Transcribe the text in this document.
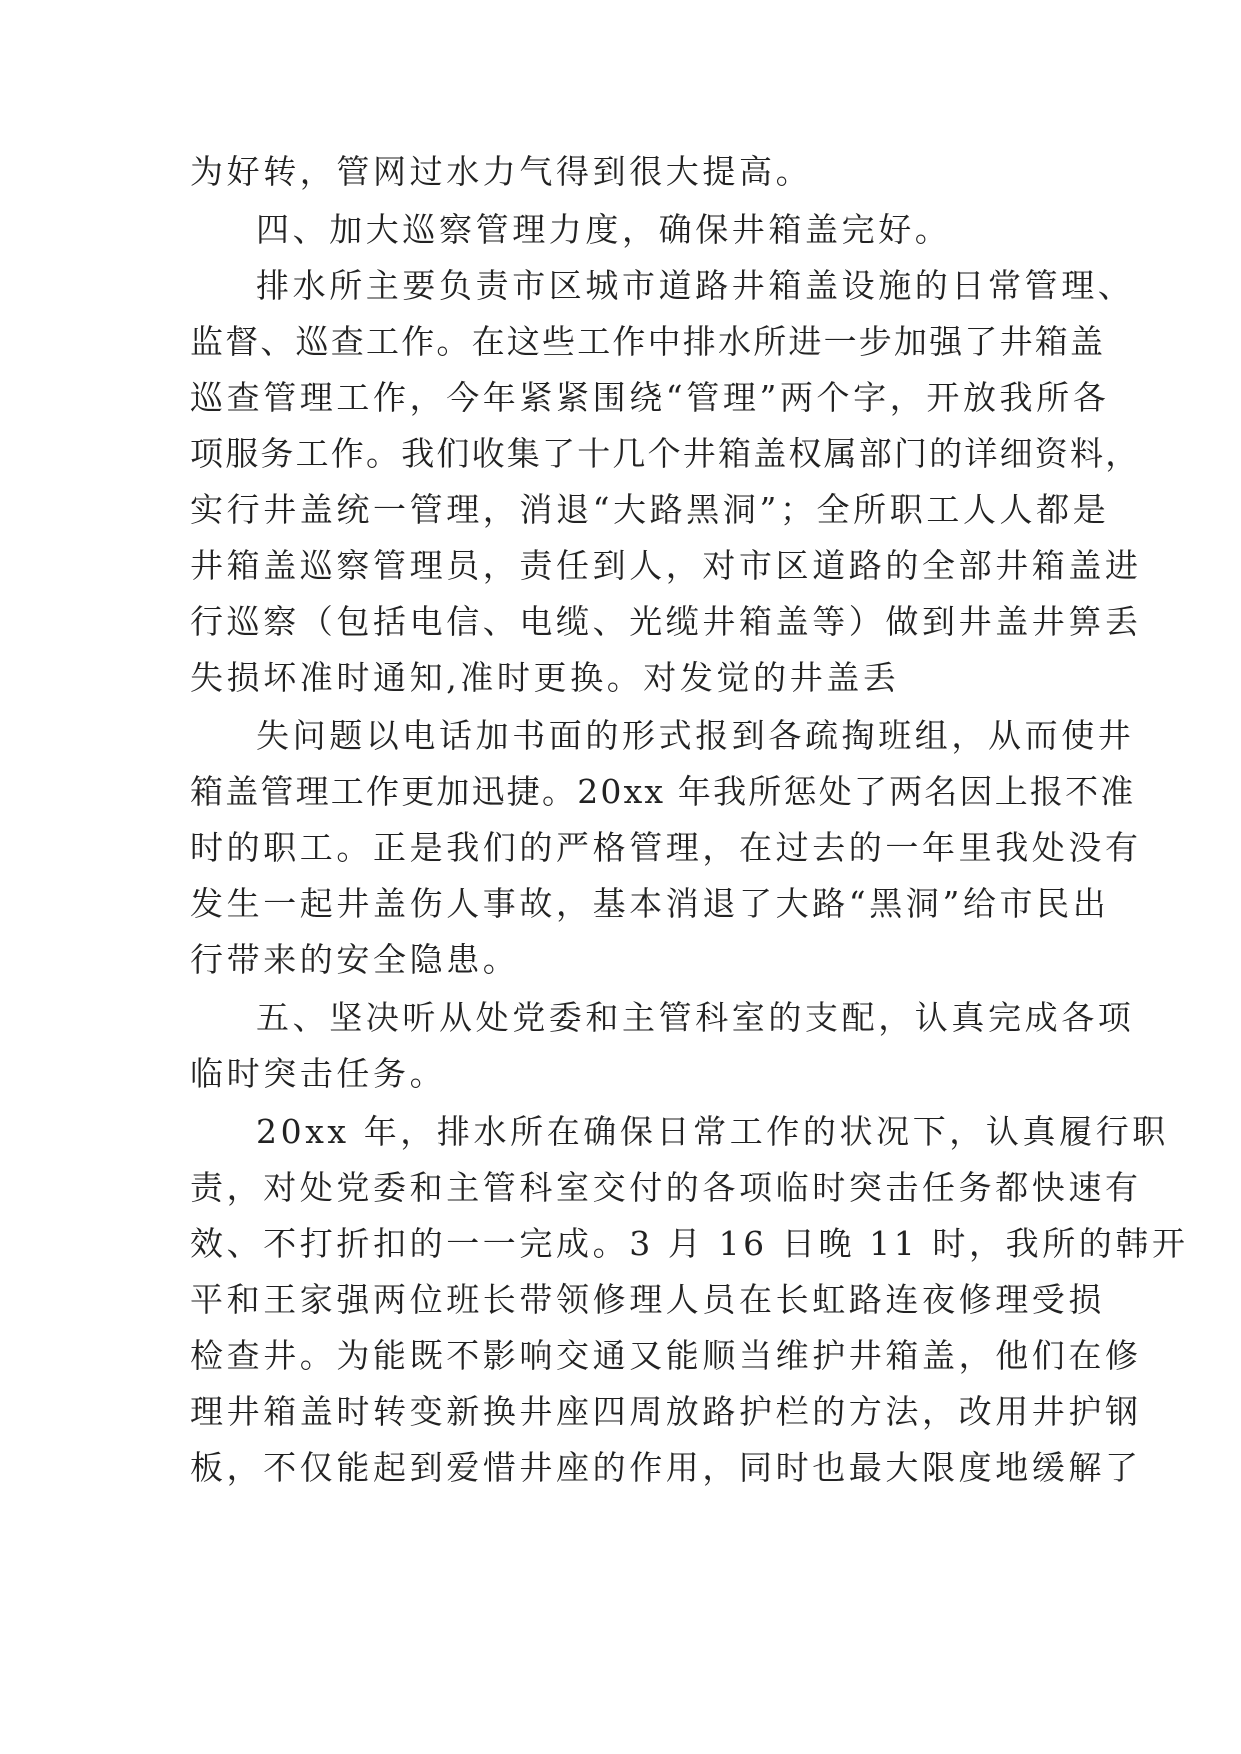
为好转，管网过水力气得到很大提高。
四、加大巡察管理力度，确保井箱盖完好。
排水所主要负责市区城市道路井箱盖设施的日常管理、
监督、巡查工作。在这些工作中排水所进一步加强了井箱盖
巡查管理工作，今年紧紧围绕“管理”两个字，开放我所各
项服务工作。我们收集了十几个井箱盖权属部门的详细资料，
实行井盖统一管理，消退“大路黑洞”；全所职工人人都是
井箱盖巡察管理员，责任到人，对市区道路的全部井箱盖进
行巡察（包括电信、电缆、光缆井箱盖等）做到井盖井箅丢
失损坏准时通知,准时更换。对发觉的井盖丢
失问题以电话加书面的形式报到各疏掏班组，从而使井
箱盖管理工作更加迅捷。20xx 年我所惩处了两名因上报不准
时的职工。正是我们的严格管理，在过去的一年里我处没有
发生一起井盖伤人事故，基本消退了大路“黑洞”给市民出
行带来的安全隐患。
五、坚决听从处党委和主管科室的支配，认真完成各项
临时突击任务。
20xx 年，排水所在确保日常工作的状况下，认真履行职
责，对处党委和主管科室交付的各项临时突击任务都快速有
效、不打折扣的一一完成。3 月 16 日晚 11 时，我所的韩开
平和王家强两位班长带领修理人员在长虹路连夜修理受损
检查井。为能既不影响交通又能顺当维护井箱盖，他们在修
理井箱盖时转变新换井座四周放路护栏的方法，改用井护钢
板，不仅能起到爱惜井座的作用，同时也最大限度地缓解了
